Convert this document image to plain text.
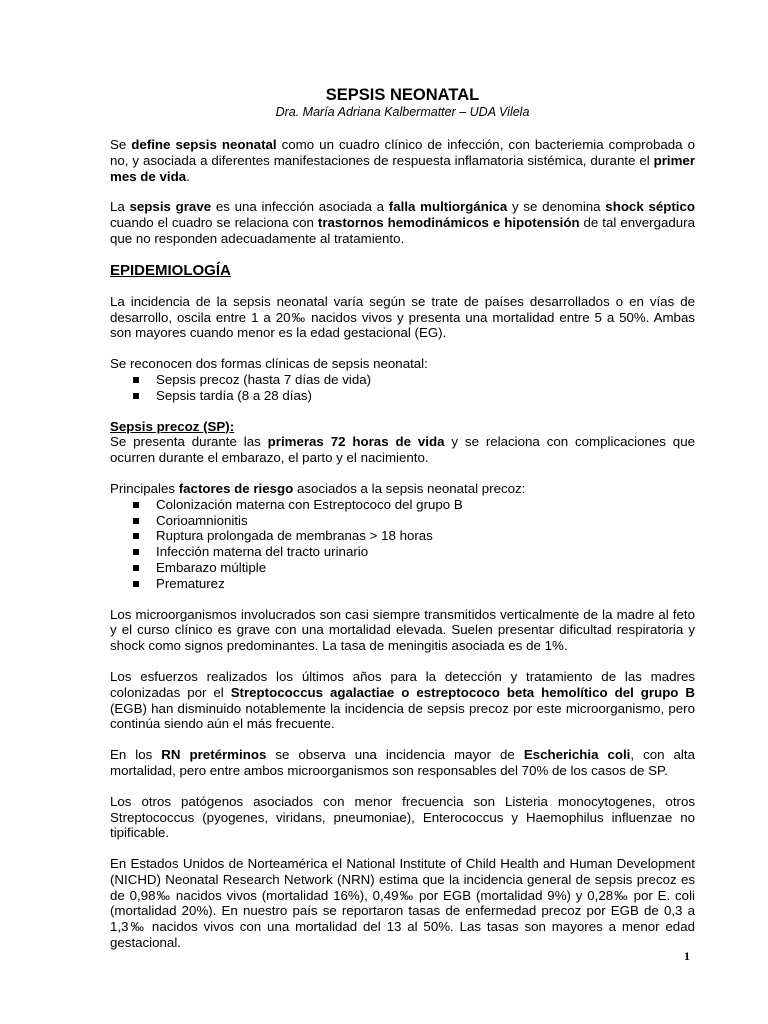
SEPSIS NEONATAL
Dra. María Adriana Kalbermatter – UDA Vilela

Se define sepsis neonatal como un cuadro clínico de infección, con bacteriemia comprobada o no, y asociada a diferentes manifestaciones de respuesta inflamatoria sistémica, durante el primer mes de vida.

La sepsis grave es una infección asociada a falla multiorgánica y se denomina shock séptico cuando el cuadro se relaciona con trastornos hemodinámicos e hipotensión de tal envergadura que no responden adecuadamente al tratamiento.

EPIDEMIOLOGÍA

La incidencia de la sepsis neonatal varía según se trate de países desarrollados o en vías de desarrollo, oscila entre 1 a 20‰ nacidos vivos y presenta una mortalidad entre 5 a 50%. Ambas son mayores cuando menor es la edad gestacional (EG).

Se reconocen dos formas clínicas de sepsis neonatal:

Sepsis precoz (hasta 7 días de vida)
Sepsis tardía (8 a 28 días)
Sepsis precoz (SP):

Se presenta durante las primeras 72 horas de vida y se relaciona con complicaciones que ocurren durante el embarazo, el parto y el nacimiento.

Principales factores de riesgo asociados a la sepsis neonatal precoz:

Colonización materna con Estreptococo del grupo B
Corioamnionitis
Ruptura prolongada de membranas > 18 horas
Infección materna del tracto urinario
Embarazo múltiple
Prematurez

Los microorganismos involucrados son casi siempre transmitidos verticalmente de la madre al feto y el curso clínico es grave con una mortalidad elevada. Suelen presentar dificultad respiratoria y shock como signos predominantes. La tasa de meningitis asociada es de 1%.

Los esfuerzos realizados los últimos años para la detección y tratamiento de las madres colonizadas por el Streptococcus agalactiae o estreptococo beta hemolítico del grupo B (EGB) han disminuido notablemente la incidencia de sepsis precoz por este microorganismo, pero continúa siendo aún el más frecuente.

En los RN pretérminos se observa una incidencia mayor de Escherichia coli, con alta mortalidad, pero entre ambos microorganismos son responsables del 70% de los casos de SP.

Los otros patógenos asociados con menor frecuencia son Listeria monocytogenes, otros Streptococcus (pyogenes, viridans, pneumoniae), Enterococcus y Haemophilus influenzae no tipificable.

En Estados Unidos de Norteamérica el National Institute of Child Health and Human Development (NICHD) Neonatal Research Network (NRN) estima que la incidencia general de sepsis precoz es de 0,98‰ nacidos vivos (mortalidad 16%), 0,49‰ por EGB (mortalidad 9%) y 0,28‰ por E. coli (mortalidad 20%). En nuestro país se reportaron tasas de enfermedad precoz por EGB de 0,3 a 1,3‰ nacidos vivos con una mortalidad del 13 al 50%. Las tasas son mayores a menor edad gestacional.

1
